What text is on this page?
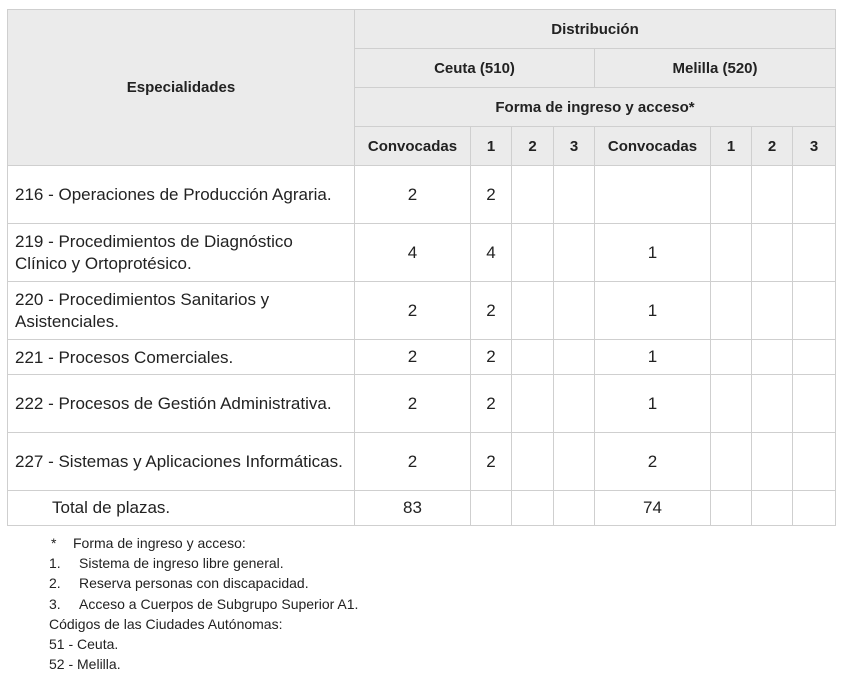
Especialidades	Distribución							
	Ceuta (510)				Melilla (520)			
	Forma de ingreso y acceso*							
	Convocadas	1	2	3	Convocadas	1	2	3
216 - Operaciones de Producción Agraria.	2	2						
219 - Procedimientos de Diagnóstico Clínico y Ortoprotésico.	4	4			1			
220 - Procedimientos Sanitarios y Asistenciales.	2	2			1			
221 - Procesos Comerciales.	2	2			1			
222 - Procesos de Gestión Administrativa.	2	2			1			
227 - Sistemas y Aplicaciones Informáticas.	2	2			2			
Total de plazas.	83				74			
* Forma de ingreso y acceso:
1. Sistema de ingreso libre general.
2. Reserva personas con discapacidad.
3. Acceso a Cuerpos de Subgrupo Superior A1.
Códigos de las Ciudades Autónomas:
51 - Ceuta.
52 - Melilla.
